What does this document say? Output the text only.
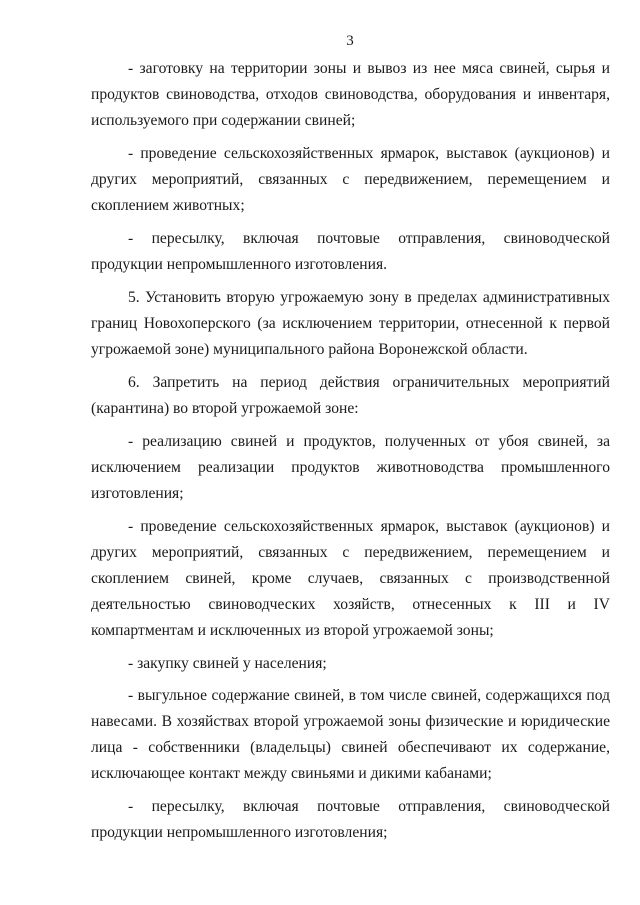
3

- заготовку на территории зоны и вывоз из нее мяса свиней, сырья и продуктов свиноводства, отходов свиноводства, оборудования и инвентаря, используемого при содержании свиней;

- проведение сельскохозяйственных ярмарок, выставок (аукционов) и других мероприятий, связанных с передвижением, перемещением и скоплением животных;

- пересылку, включая почтовые отправления, свиноводческой продукции непромышленного изготовления.

5. Установить вторую угрожаемую зону в пределах административных границ Новохоперского (за исключением территории, отнесенной к первой угрожаемой зоне) муниципального района Воронежской области.

6. Запретить на период действия ограничительных мероприятий (карантина) во второй угрожаемой зоне:

- реализацию свиней и продуктов, полученных от убоя свиней, за исключением реализации продуктов животноводства промышленного изготовления;

- проведение сельскохозяйственных ярмарок, выставок (аукционов) и других мероприятий, связанных с передвижением, перемещением и скоплением свиней, кроме случаев, связанных с производственной деятельностью свиноводческих хозяйств, отнесенных к III и IV компартментам и исключенных из второй угрожаемой зоны;

- закупку свиней у населения;

- выгульное содержание свиней, в том числе свиней, содержащихся под навесами. В хозяйствах второй угрожаемой зоны физические и юридические лица - собственники (владельцы) свиней обеспечивают их содержание, исключающее контакт между свиньями и дикими кабанами;

- пересылку, включая почтовые отправления, свиноводческой продукции непромышленного изготовления;
